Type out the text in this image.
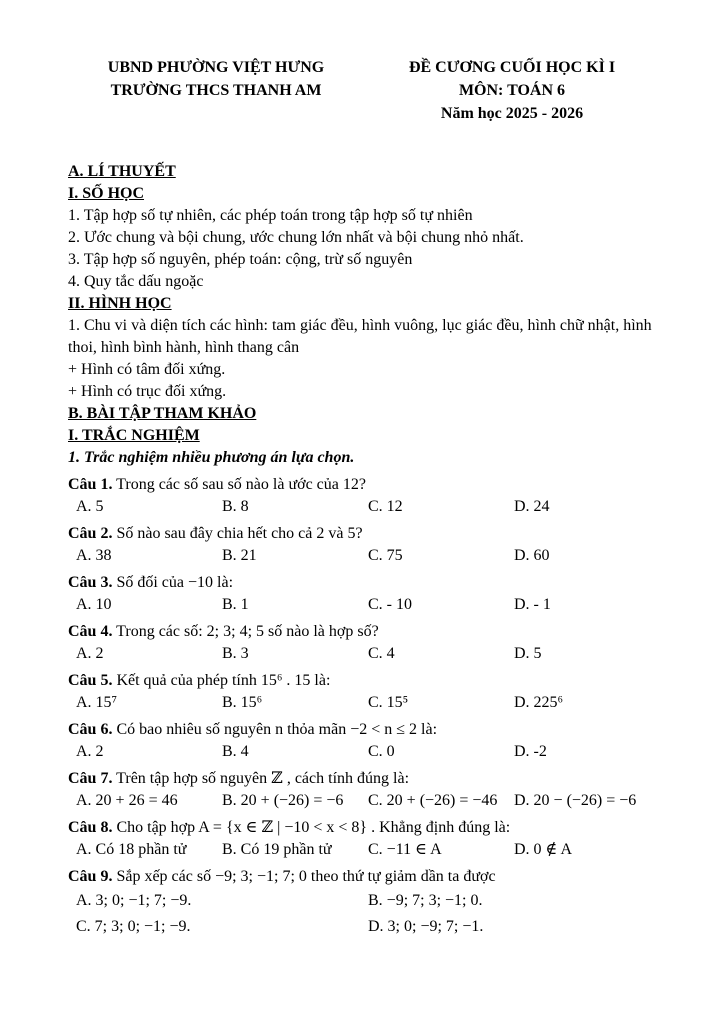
UBND PHƯỜNG VIỆT HƯNG
TRƯỜNG THCS THANH AM
ĐỀ CƯƠNG CUỐI HỌC KÌ I
MÔN: TOÁN 6
Năm học 2025 - 2026
A. LÍ THUYẾT
I. SỐ HỌC

1. Tập hợp số tự nhiên, các phép toán trong tập hợp số tự nhiên

2. Ước chung và bội chung, ước chung lớn nhất và bội chung nhỏ nhất.

3. Tập hợp số nguyên, phép toán: cộng, trừ số nguyên

4. Quy tắc dấu ngoặc

II. HÌNH HỌC

1. Chu vi và diện tích các hình: tam giác đều, hình vuông, lục giác đều, hình chữ nhật, hình thoi, hình bình hành, hình thang cân

+ Hình có tâm đối xứng.

+ Hình có trục đối xứng.

B. BÀI TẬP THAM KHẢO
I. TRẮC NGHIỆM
1. Trắc nghiệm nhiều phương án lựa chọn.

Câu 1. Trong các số sau số nào là ước của 12?

A. 5	B. 8	C. 12	D. 24

Câu 2. Số nào sau đây chia hết cho cả 2 và 5?

A. 38	B. 21	C. 75	D. 60

Câu 3. Số đối của −10 là:

A. 10	B. 1	C. - 10	D. - 1

Câu 4. Trong các số: 2; 3; 4; 5 số nào là hợp số?

A. 2	B. 3	C. 4	D. 5

Câu 5. Kết quả của phép tính 15⁶ . 15 là:

A. 15⁷	B. 15⁶	C. 15⁵	D. 225⁶

Câu 6. Có bao nhiêu số nguyên n thỏa mãn −2 < n ≤ 2 là:

A. 2	B. 4	C. 0	D. -2

Câu 7. Trên tập hợp số nguyên ℤ , cách tính đúng là:

A. 20 + 26 = 46	B. 20 + (−26) = −6	C. 20 + (−26) = −46	D. 20 − (−26) = −6

Câu 8. Cho tập hợp A = {x ∈ ℤ | −10 < x < 8} . Khẳng định đúng là:

A. Có 18 phần tử	B. Có 19 phần tử	C. −11 ∈ A	D. 0 ∉ A

Câu 9. Sắp xếp các số −9; 3; −1; 7; 0 theo thứ tự giảm dần ta được

A. 3; 0; −1; 7; −9.	B. −9; 7; 3; −1; 0.
C. 7; 3; 0; −1; −9.	D. 3; 0; −9; 7; −1.
